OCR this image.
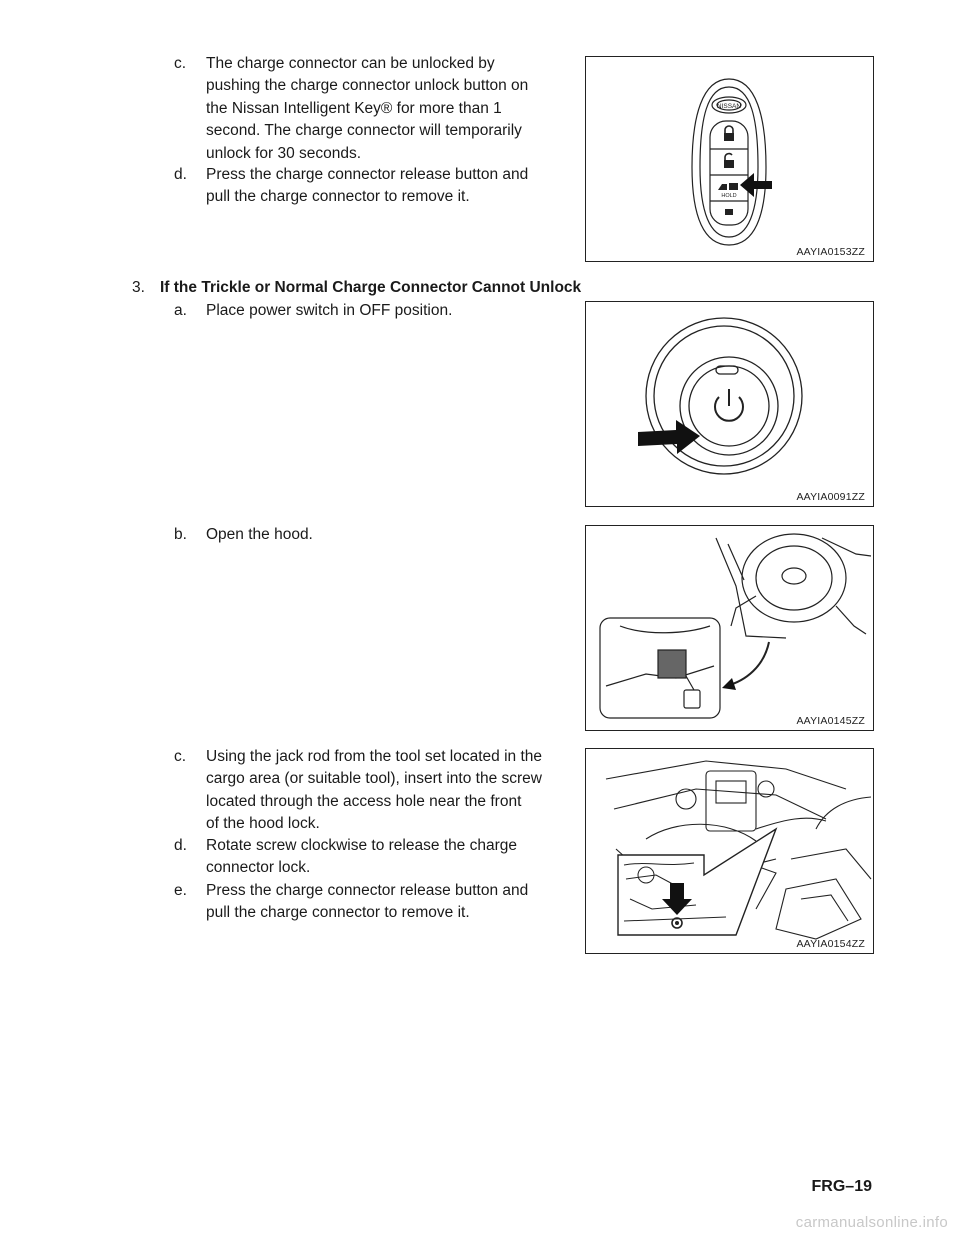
c. The charge connector can be unlocked by
pushing the charge connector unlock button on
the Nissan Intelligent Key® for more than 1
second. The charge connector will temporarily
unlock for 30 seconds.
d. Press the charge connector release button and
pull the charge connector to remove it.
NISSAN
HOLD
AAYIA0153ZZ
3. If the Trickle or Normal Charge Connector Cannot Unlock
a. Place power switch in OFF position.
AAYIA0091ZZ
b. Open the hood.
AAYIA0145ZZ
c. Using the jack rod from the tool set located in the
cargo area (or suitable tool), insert into the screw
located through the access hole near the front
of the hood lock.
d. Rotate screw clockwise to release the charge
connector lock.
e. Press the charge connector release button and
pull the charge connector to remove it.
AAYIA0154ZZ
FRG–19
carmanualsonline.info
